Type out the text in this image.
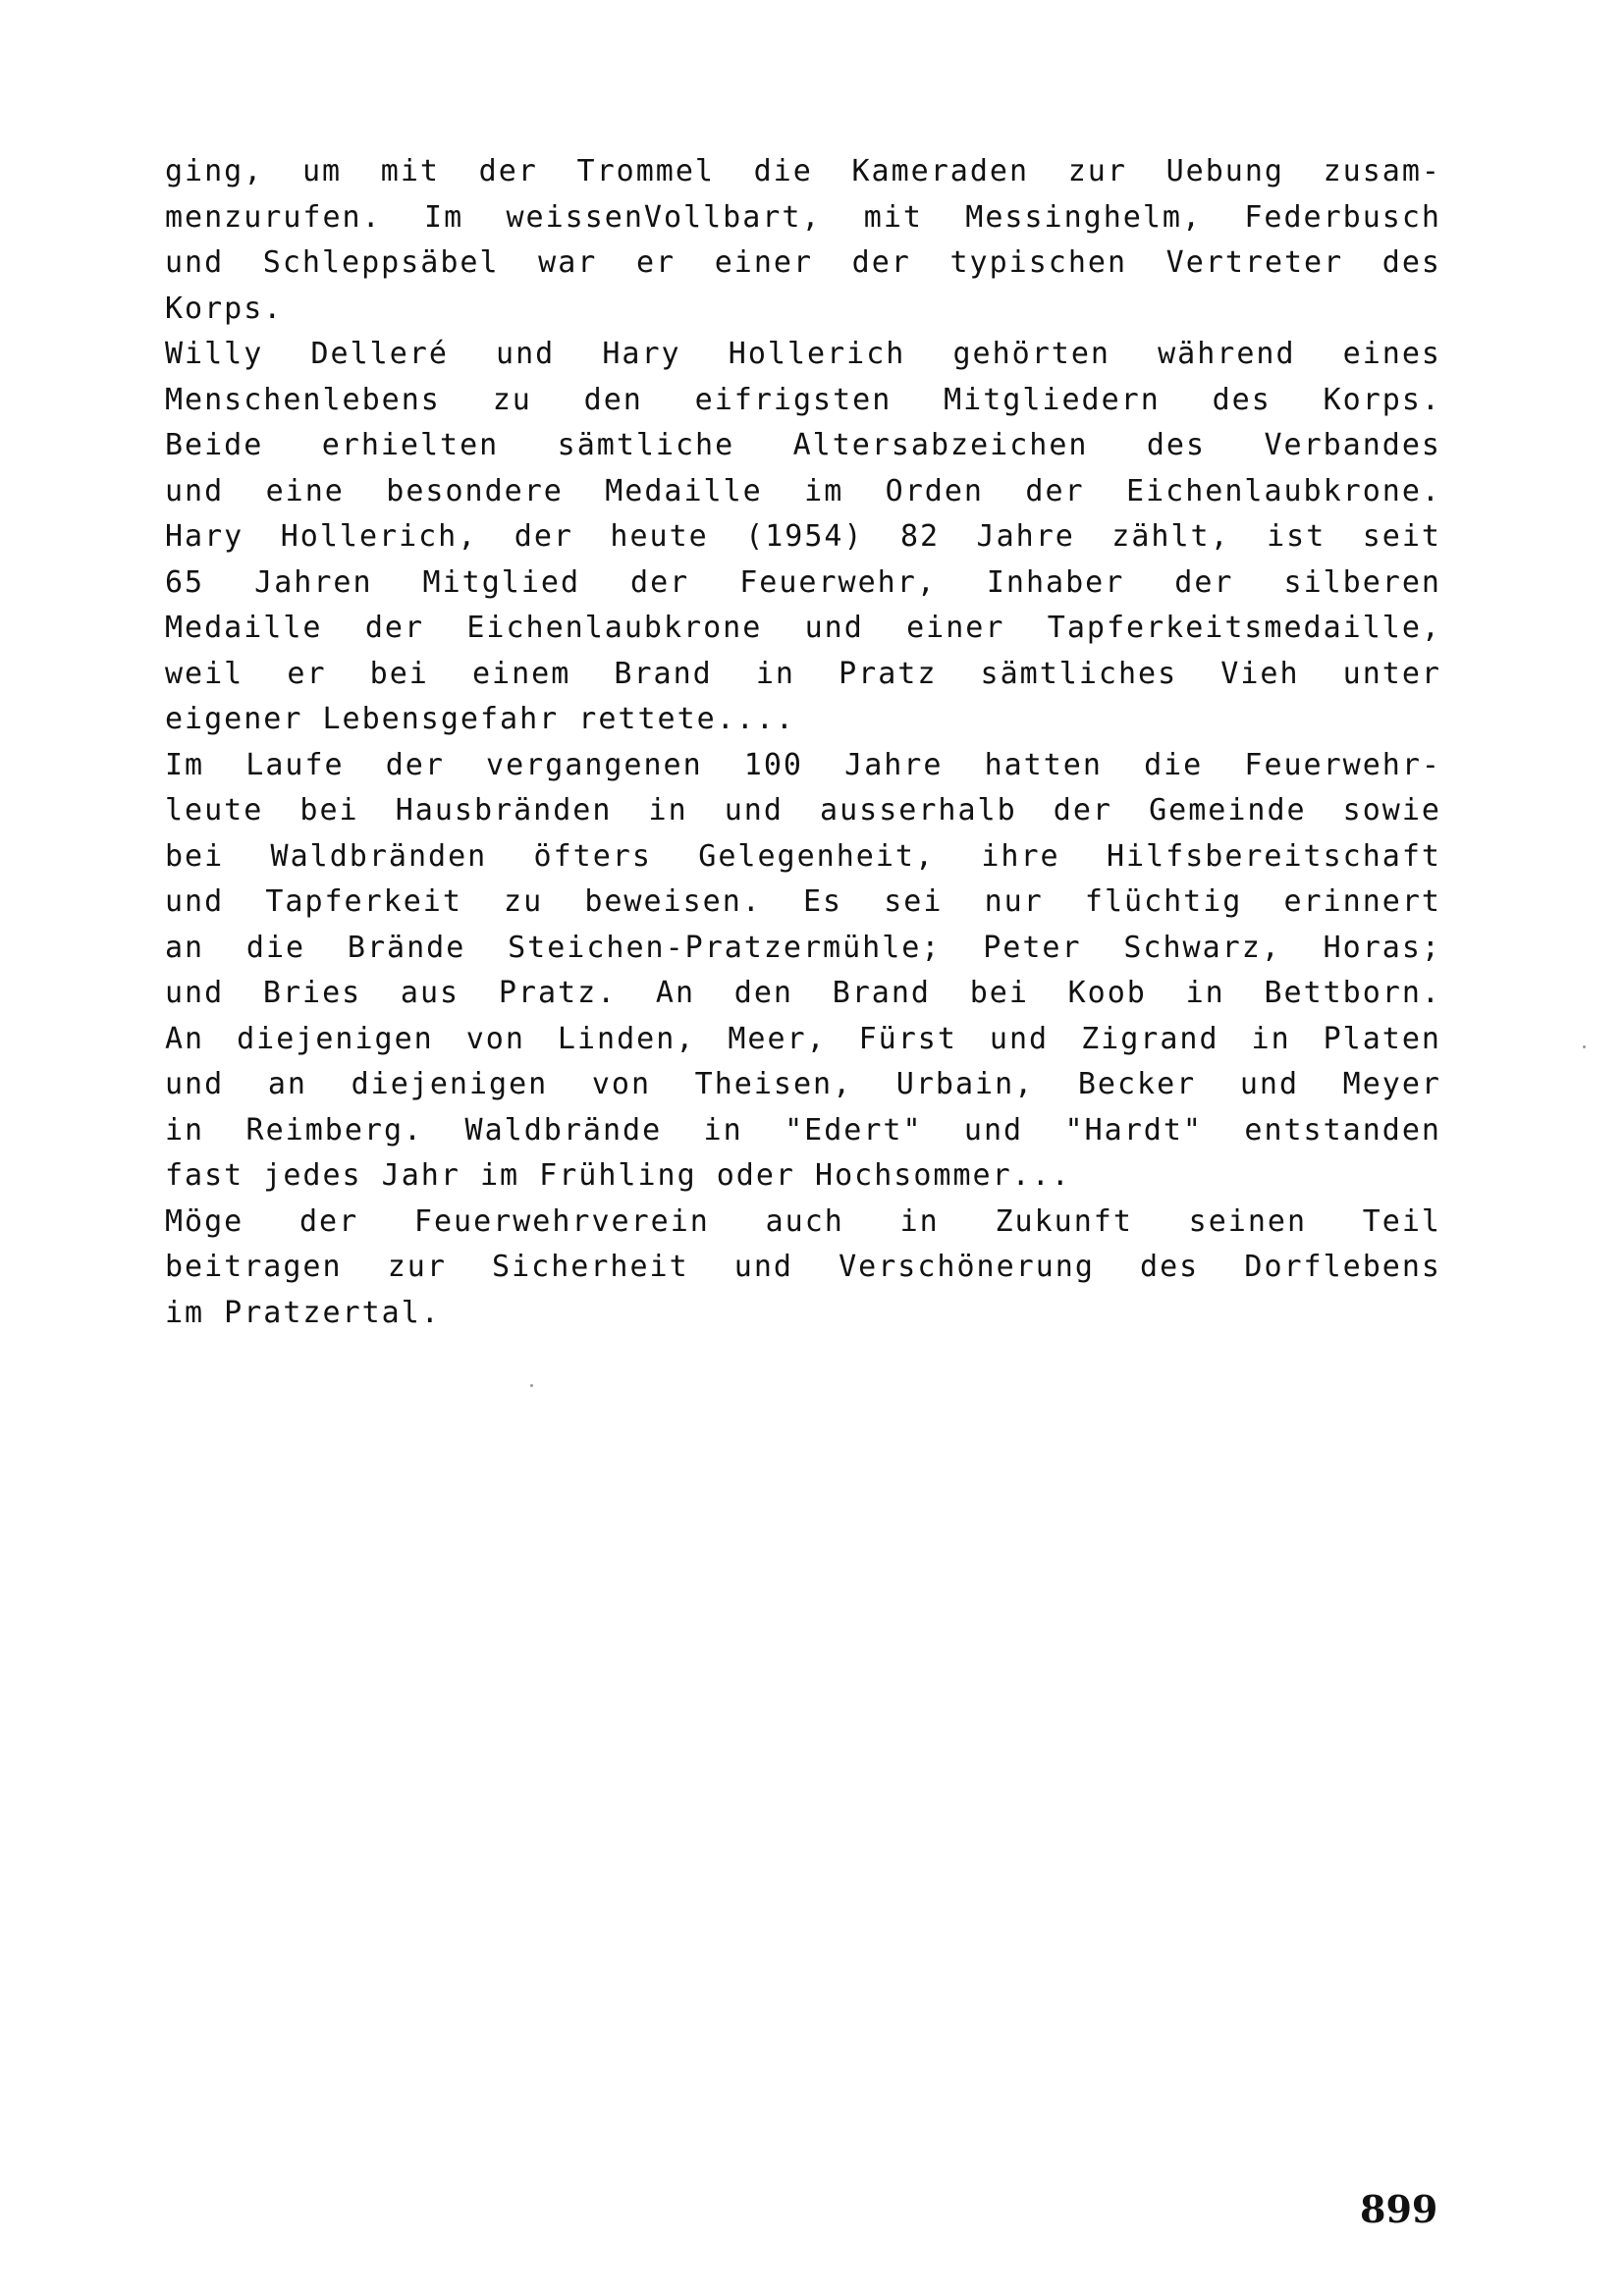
ging, um mit der Trommel die Kameraden zur Uebung zusam-
menzurufen. Im weissenVollbart, mit Messinghelm, Federbusch
und Schleppsäbel war er einer der typischen Vertreter des
Korps.
Willy Delleré und Hary Hollerich gehörten während eines
Menschenlebens zu den eifrigsten Mitgliedern des Korps.
Beide erhielten sämtliche Altersabzeichen des Verbandes
und eine besondere Medaille im Orden der Eichenlaubkrone.
Hary Hollerich, der heute (1954) 82 Jahre zählt, ist seit
65 Jahren Mitglied der Feuerwehr, Inhaber der silberen
Medaille der Eichenlaubkrone und einer Tapferkeitsmedaille,
weil er bei einem Brand in Pratz sämtliches Vieh unter
eigener Lebensgefahr rettete....
Im Laufe der vergangenen 100 Jahre hatten die Feuerwehr-
leute bei Hausbränden in und ausserhalb der Gemeinde sowie
bei Waldbränden öfters Gelegenheit, ihre Hilfsbereitschaft
und Tapferkeit zu beweisen. Es sei nur flüchtig erinnert
an die Brände Steichen-Pratzermühle; Peter Schwarz, Horas;
und Bries aus Pratz. An den Brand bei Koob in Bettborn.
An diejenigen von Linden, Meer, Fürst und Zigrand in Platen
und an diejenigen von Theisen, Urbain, Becker und Meyer
in Reimberg. Waldbrände in "Edert" und "Hardt" entstanden
fast jedes Jahr im Frühling oder Hochsommer...
Möge der Feuerwehrverein auch in Zukunft seinen Teil
beitragen zur Sicherheit und Verschönerung des Dorflebens
im Pratzertal.
899
